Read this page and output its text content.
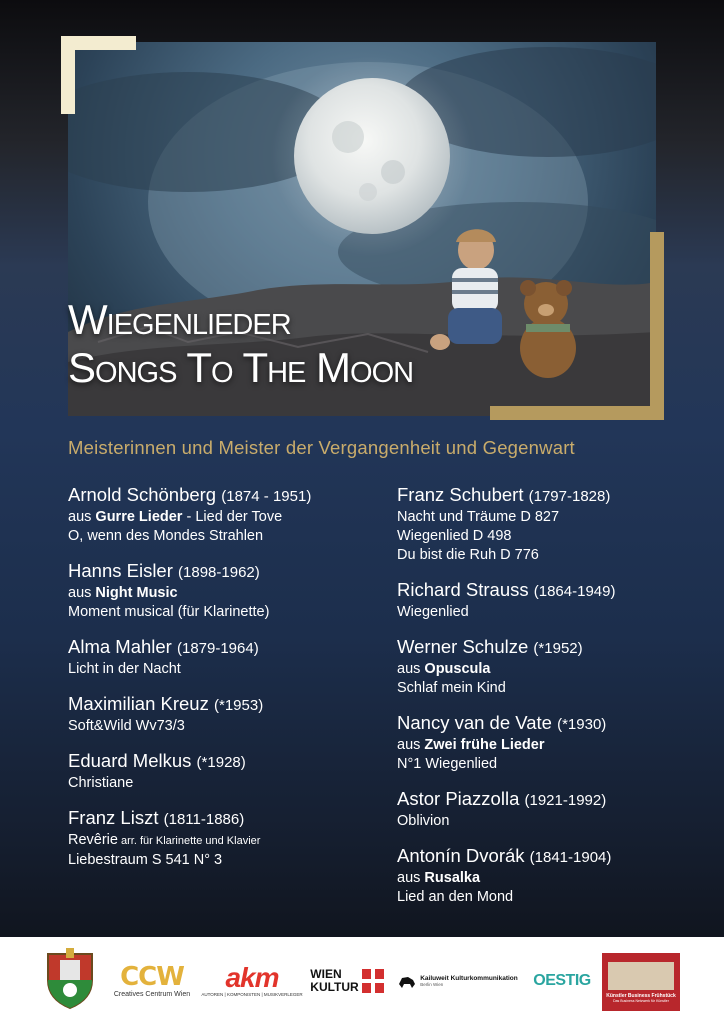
Wiegenlieder
Songs To The Moon
Meisterinnen und Meister der Vergangenheit und Gegenwart
Arnold Schönberg (1874 - 1951)
aus Gurre Lieder - Lied der Tove
O, wenn des Mondes Strahlen
Hanns Eisler (1898-1962)
aus Night Music
Moment musical (für Klarinette)
Alma Mahler (1879-1964)
Licht in der Nacht
Maximilian Kreuz (*1953)
Soft&Wild Wv73/3
Eduard Melkus (*1928)
Christiane
Franz Liszt (1811-1886)
Revêrie arr. für Klarinette und Klavier
Liebestraum S 541 N° 3
Franz Schubert (1797-1828)
Nacht und Träume D 827
Wiegenlied D 498
Du bist die Ruh D 776
Richard Strauss (1864-1949)
Wiegenlied
Werner Schulze (*1952)
aus Opuscula
Schlaf mein Kind
Nancy van de Vate (*1930)
aus Zwei frühe Lieder
N°1 Wiegenlied
Astor Piazzolla (1921-1992)
Oblivion
Antonín Dvorák (1841-1904)
aus Rusalka
Lied an den Mond
CCW
Creatives Centrum Wien
akm
AUTOREN | KOMPONISTEN | MUSIKVERLEGER
WIEN
KULTUR
Kailuweit Kulturkommunikation
Berlin Wien	OESTIG
Künstler Business Frühstück
Das Business Netzwerk für Künstler
